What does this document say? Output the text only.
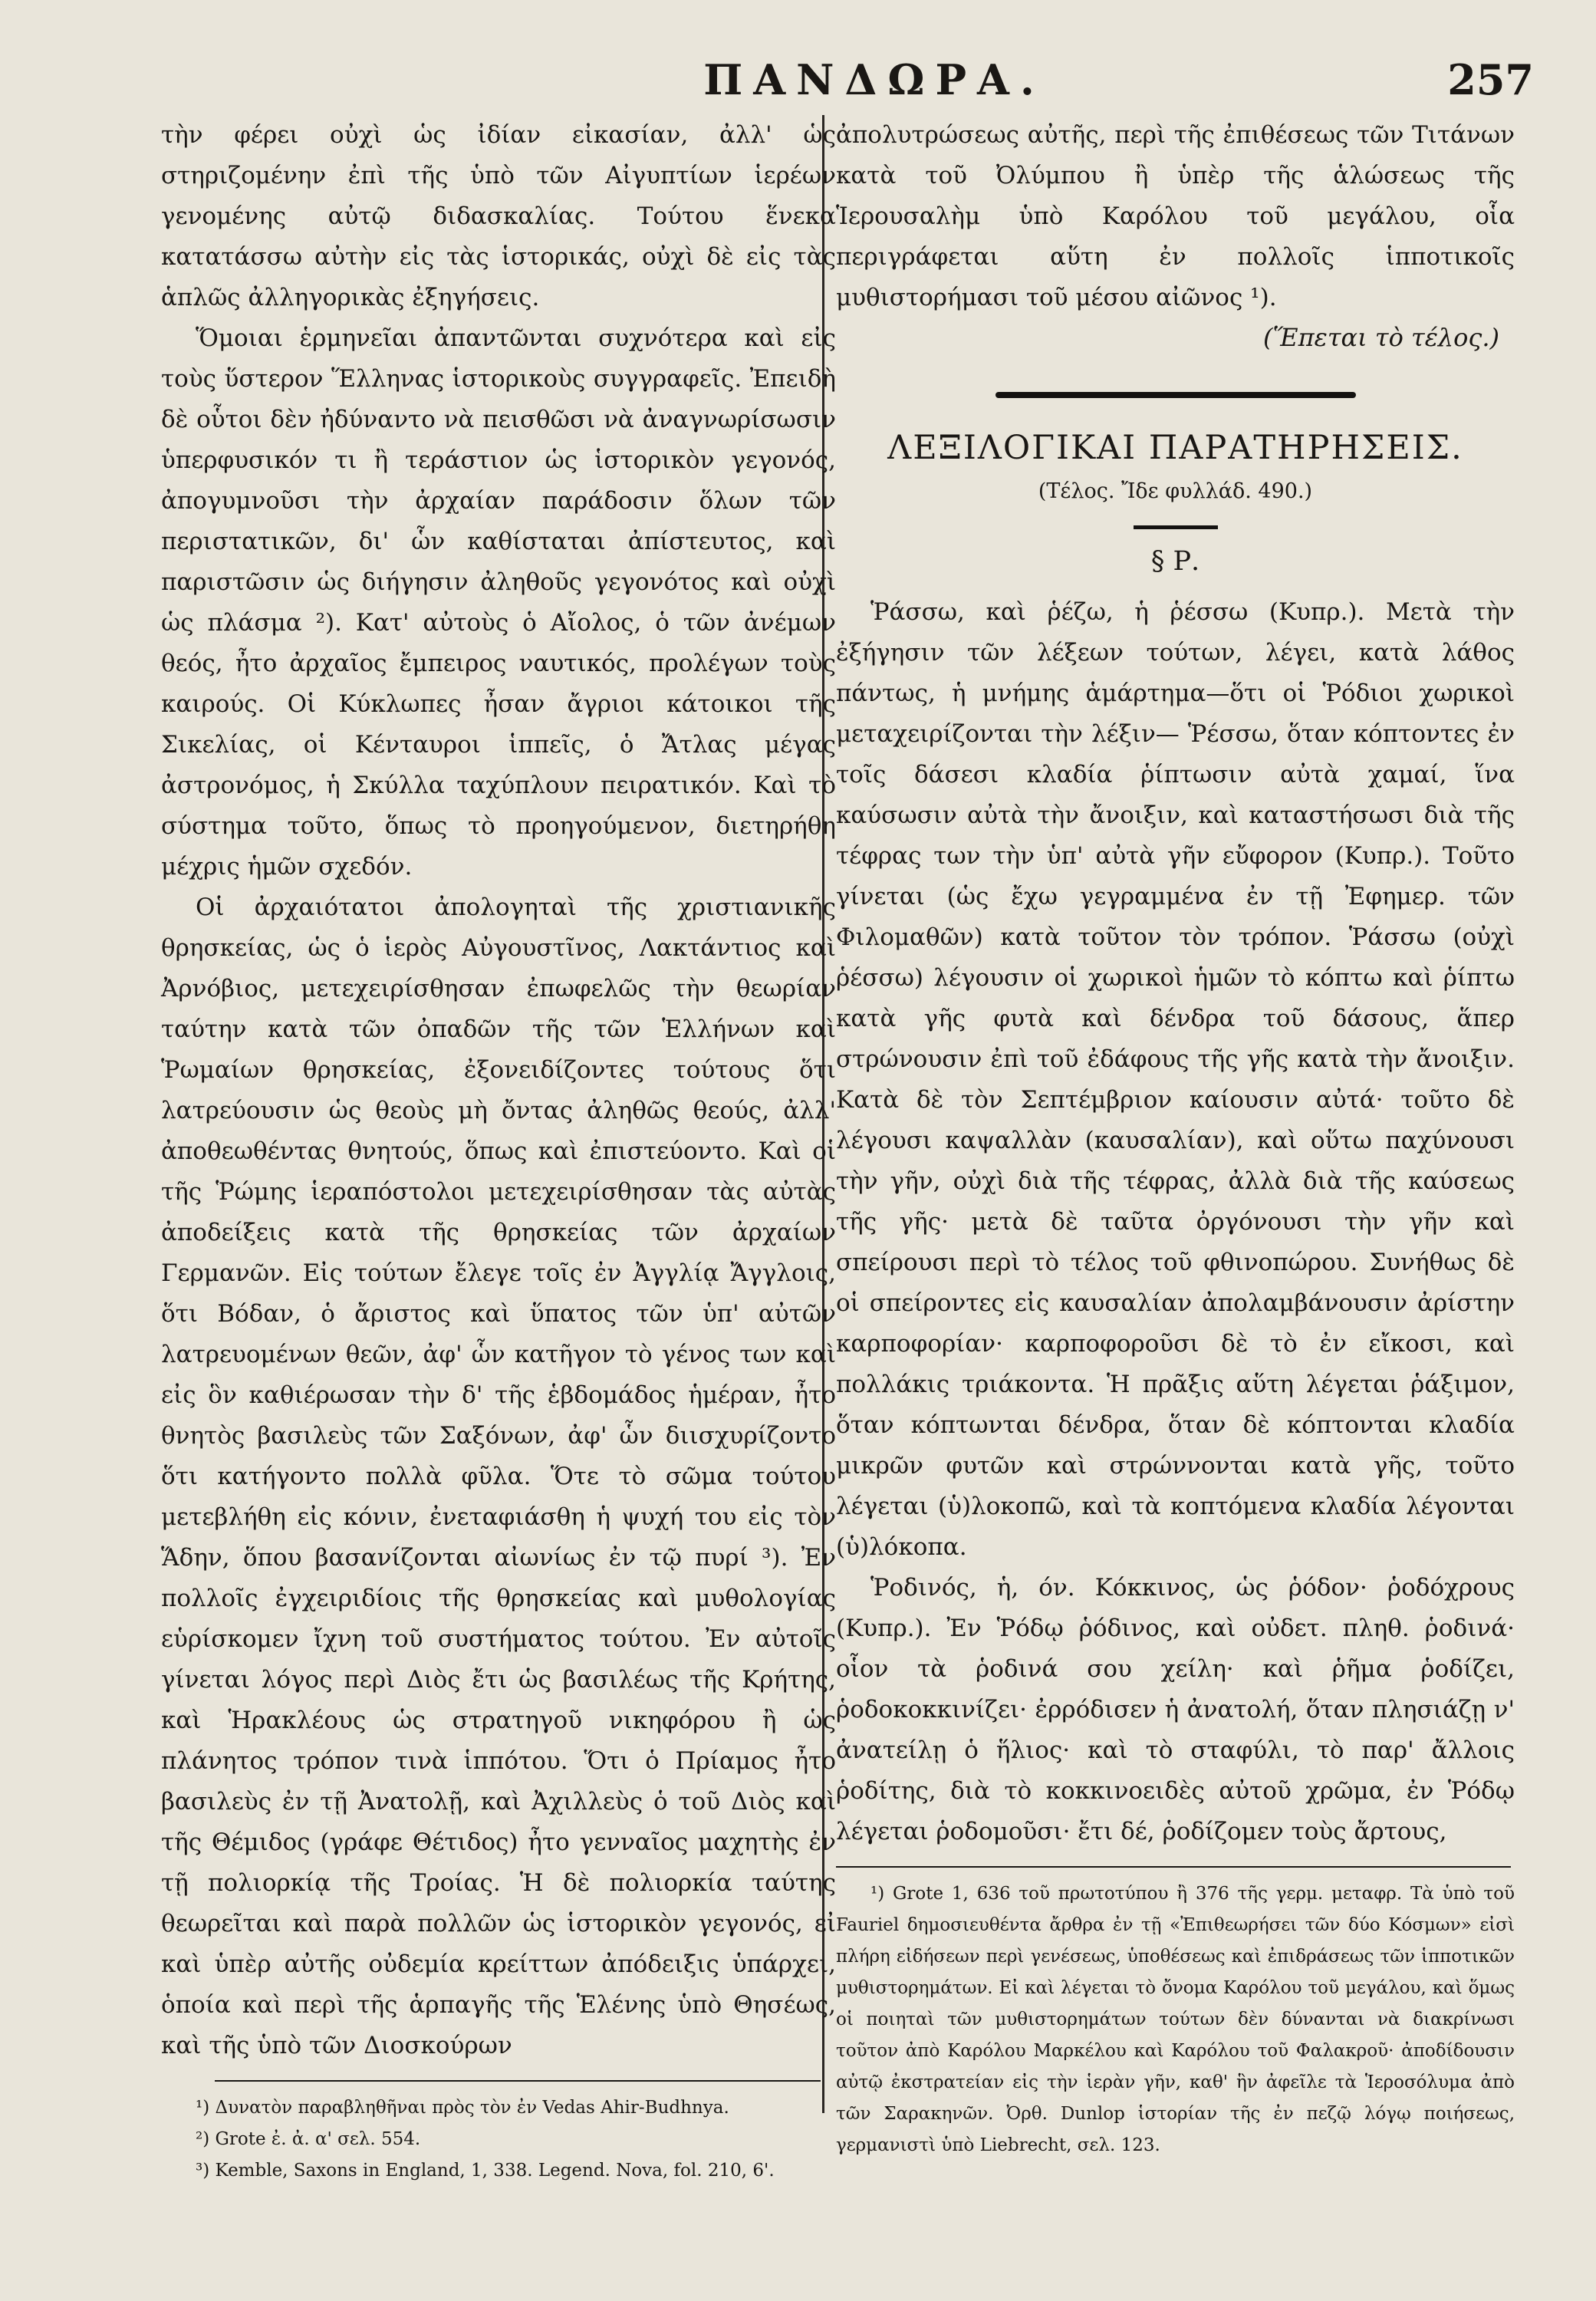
ΠΑΝΔΩΡΑ.	257

τὴν φέρει οὐχὶ ὡς ἰδίαν εἰκασίαν, ἀλλ' ὡς στηριζομένην ἐπὶ τῆς ὑπὸ τῶν Αἰγυπτίων ἱερέων γενομένης αὐτῷ διδασκαλίας. Τούτου ἕνεκα κατατάσσω αὐτὴν εἰς τὰς ἱστορικάς, οὐχὶ δὲ εἰς τὰς ἁπλῶς ἀλληγορικὰς ἐξηγήσεις.

Ὅμοιαι ἑρμηνεῖαι ἀπαντῶνται συχνότερα καὶ εἰς τοὺς ὕστερον Ἕλληνας ἱστορικοὺς συγγραφεῖς. Ἐπειδὴ δὲ οὗτοι δὲν ἠδύναντο νὰ πεισθῶσι νὰ ἀναγνωρίσωσιν ὑπερφυσικόν τι ἢ τεράστιον ὡς ἱστορικὸν γεγονός, ἀπογυμνοῦσι τὴν ἀρχαίαν παράδοσιν ὅλων τῶν περιστατικῶν, δι' ὧν καθίσταται ἀπίστευτος, καὶ παριστῶσιν ὡς διήγησιν ἀληθοῦς γεγονότος καὶ οὐχὶ ὡς πλάσμα ²). Κατ' αὐτοὺς ὁ Αἴολος, ὁ τῶν ἀνέμων θεός, ἦτο ἀρχαῖος ἔμπειρος ναυτικός, προλέγων τοὺς καιρούς. Οἱ Κύκλωπες ἦσαν ἄγριοι κάτοικοι τῆς Σικελίας, οἱ Κένταυροι ἱππεῖς, ὁ Ἄτλας μέγας ἀστρονόμος, ἡ Σκύλλα ταχύπλουν πειρατικόν. Καὶ τὸ σύστημα τοῦτο, ὅπως τὸ προηγούμενον, διετηρήθη μέχρις ἡμῶν σχεδόν.

Οἱ ἀρχαιότατοι ἀπολογηταὶ τῆς χριστιανικῆς θρησκείας, ὡς ὁ ἱερὸς Αὐγουστῖνος, Λακτάντιος καὶ Ἀρνόβιος, μετεχειρίσθησαν ἐπωφελῶς τὴν θεωρίαν ταύτην κατὰ τῶν ὀπαδῶν τῆς τῶν Ἑλλήνων καὶ Ῥωμαίων θρησκείας, ἐξονειδίζοντες τούτους ὅτι λατρεύουσιν ὡς θεοὺς μὴ ὄντας ἀληθῶς θεούς, ἀλλ' ἀποθεωθέντας θνητούς, ὅπως καὶ ἐπιστεύοντο. Καὶ οἱ τῆς Ῥώμης ἱεραπόστολοι μετεχειρίσθησαν τὰς αὐτὰς ἀποδείξεις κατὰ τῆς θρησκείας τῶν ἀρχαίων Γερμανῶν. Εἰς τούτων ἔλεγε τοῖς ἐν Ἀγγλίᾳ Ἄγγλοις, ὅτι Βόδαν, ὁ ἄριστος καὶ ὕπατος τῶν ὑπ' αὐτῶν λατρευομένων θεῶν, ἀφ' ὧν κατῆγον τὸ γένος των καὶ εἰς ὃν καθιέρωσαν τὴν δ' τῆς ἑβδομάδος ἡμέραν, ἦτο θνητὸς βασιλεὺς τῶν Σαξόνων, ἀφ' ὧν διισχυρίζοντο ὅτι κατήγοντο πολλὰ φῦλα. Ὅτε τὸ σῶμα τούτου μετεβλήθη εἰς κόνιν, ἐνεταφιάσθη ἡ ψυχή του εἰς τὸν Ἅδην, ὅπου βασανίζονται αἰωνίως ἐν τῷ πυρί ³). Ἐν πολλοῖς ἐγχειριδίοις τῆς θρησκείας καὶ μυθολογίας εὑρίσκομεν ἴχνη τοῦ συστήματος τούτου. Ἐν αὐτοῖς γίνεται λόγος περὶ Διὸς ἔτι ὡς βασιλέως τῆς Κρήτης, καὶ Ἡρακλέους ὡς στρατηγοῦ νικηφόρου ἢ ὡς πλάνητος τρόπον τινὰ ἱππότου. Ὅτι ὁ Πρίαμος ἦτο βασιλεὺς ἐν τῇ Ἀνατολῇ, καὶ Ἀχιλλεὺς ὁ τοῦ Διὸς καὶ τῆς Θέμιδος (γράφε Θέτιδος) ἦτο γενναῖος μαχητὴς ἐν τῇ πολιορκίᾳ τῆς Τροίας. Ἡ δὲ πολιορκία ταύτης θεωρεῖται καὶ παρὰ πολλῶν ὡς ἱστορικὸν γεγονός, εἰ καὶ ὑπὲρ αὐτῆς οὐδεμία κρείττων ἀπόδειξις ὑπάρχει, ὁποία καὶ περὶ τῆς ἁρπαγῆς τῆς Ἑλένης ὑπὸ Θησέως, καὶ τῆς ὑπὸ τῶν Διοσκούρων

¹) Δυνατὸν παραβληθῆναι πρὸς τὸν ἐν Vedas Ahir-Budhnya.

²) Grote ἐ. ἀ. α' σελ. 554.

³) Kemble, Saxons in England, 1, 338. Legend. Nova, fol. 210, 6'.

ἀπολυτρώσεως αὐτῆς, περὶ τῆς ἐπιθέσεως τῶν Τιτάνων κατὰ τοῦ Ὀλύμπου ἢ ὑπὲρ τῆς ἁλώσεως τῆς Ἱερουσαλὴμ ὑπὸ Καρόλου τοῦ μεγάλου, οἷα περιγράφεται αὕτη ἐν πολλοῖς ἱπποτικοῖς μυθιστορήμασι τοῦ μέσου αἰῶνος ¹).

(Ἕπεται τὸ τέλος.)
ΛΕΞΙΛΟΓΙΚΑΙ ΠΑΡΑΤΗΡΗΣΕΙΣ.
(Τέλος. Ἴδε φυλλάδ. 490.)
§ Ρ.

Ῥάσσω, καὶ ῥέζω, ἡ ῥέσσω (Κυπρ.). Μετὰ τὴν ἐξήγησιν τῶν λέξεων τούτων, λέγει, κατὰ λάθος πάντως, ἡ μνήμης ἁμάρτημα—ὅτι οἱ Ῥόδιοι χωρικοὶ μεταχειρίζονται τὴν λέξιν— Ῥέσσω, ὅταν κόπτοντες ἐν τοῖς δάσεσι κλαδία ῥίπτωσιν αὐτὰ χαμαί, ἵνα καύσωσιν αὐτὰ τὴν ἄνοιξιν, καὶ καταστήσωσι διὰ τῆς τέφρας των τὴν ὑπ' αὐτὰ γῆν εὔφορον (Κυπρ.). Τοῦτο γίνεται (ὡς ἔχω γεγραμμένα ἐν τῇ Ἐφημερ. τῶν Φιλομαθῶν) κατὰ τοῦτον τὸν τρόπον. Ῥάσσω (οὐχὶ ῥέσσω) λέγουσιν οἱ χωρικοὶ ἡμῶν τὸ κόπτω καὶ ῥίπτω κατὰ γῆς φυτὰ καὶ δένδρα τοῦ δάσους, ἅπερ στρώνουσιν ἐπὶ τοῦ ἐδάφους τῆς γῆς κατὰ τὴν ἄνοιξιν. Κατὰ δὲ τὸν Σεπτέμβριον καίουσιν αὐτά· τοῦτο δὲ λέγουσι καψαλλὰν (καυσαλίαν), καὶ οὕτω παχύνουσι τὴν γῆν, οὐχὶ διὰ τῆς τέφρας, ἀλλὰ διὰ τῆς καύσεως τῆς γῆς· μετὰ δὲ ταῦτα ὀργόνουσι τὴν γῆν καὶ σπείρουσι περὶ τὸ τέλος τοῦ φθινοπώρου. Συνήθως δὲ οἱ σπείροντες εἰς καυσαλίαν ἀπολαμβάνουσιν ἀρίστην καρποφορίαν· καρποφοροῦσι δὲ τὸ ἐν εἴκοσι, καὶ πολλάκις τριάκοντα. Ἡ πρᾶξις αὕτη λέγεται ῥάξιμον, ὅταν κόπτωνται δένδρα, ὅταν δὲ κόπτονται κλαδία μικρῶν φυτῶν καὶ στρώννονται κατὰ γῆς, τοῦτο λέγεται (ὑ)λοκοπῶ, καὶ τὰ κοπτόμενα κλαδία λέγονται (ὑ)λόκοπα.

Ῥοδινός, ἡ, όν. Κόκκινος, ὡς ῥόδον· ῥοδόχρους (Κυπρ.). Ἐν Ῥόδῳ ῥόδινος, καὶ οὐδετ. πληθ. ῥοδινά· οἷον τὰ ῥοδινά σου χείλη· καὶ ῥῆμα ῥοδίζει, ῥοδοκοκκινίζει· ἐρρόδισεν ἡ ἀνατολή, ὅταν πλησιάζῃ ν' ἀνατείλῃ ὁ ἥλιος· καὶ τὸ σταφύλι, τὸ παρ' ἄλλοις ῥοδίτης, διὰ τὸ κοκκινοειδὲς αὐτοῦ χρῶμα, ἐν Ῥόδῳ λέγεται ῥοδομοῦσι· ἔτι δέ, ῥοδίζομεν τοὺς ἄρτους,

¹) Grote 1, 636 τοῦ πρωτοτύπου ἢ 376 τῆς γερμ. μεταφρ. Τὰ ὑπὸ τοῦ Fauriel δημοσιευθέντα ἄρθρα ἐν τῇ «Ἐπιθεωρήσει τῶν δύο Κόσμων» εἰσὶ πλήρη εἰδήσεων περὶ γενέσεως, ὑποθέσεως καὶ ἐπιδράσεως τῶν ἱπποτικῶν μυθιστορημάτων. Εἰ καὶ λέγεται τὸ ὄνομα Καρόλου τοῦ μεγάλου, καὶ ὅμως οἱ ποιηταὶ τῶν μυθιστορημάτων τούτων δὲν δύνανται νὰ διακρίνωσι τοῦτον ἀπὸ Καρόλου Μαρκέλου καὶ Καρόλου τοῦ Φαλακροῦ· ἀποδίδουσιν αὐτῷ ἐκστρατείαν εἰς τὴν ἱερὰν γῆν, καθ' ἣν ἀφεῖλε τὰ Ἱεροσόλυμα ἀπὸ τῶν Σαρακηνῶν. Ὀρθ. Dunlop ἱστορίαν τῆς ἐν πεζῷ λόγῳ ποιήσεως, γερμανιστὶ ὑπὸ Liebrecht, σελ. 123.
